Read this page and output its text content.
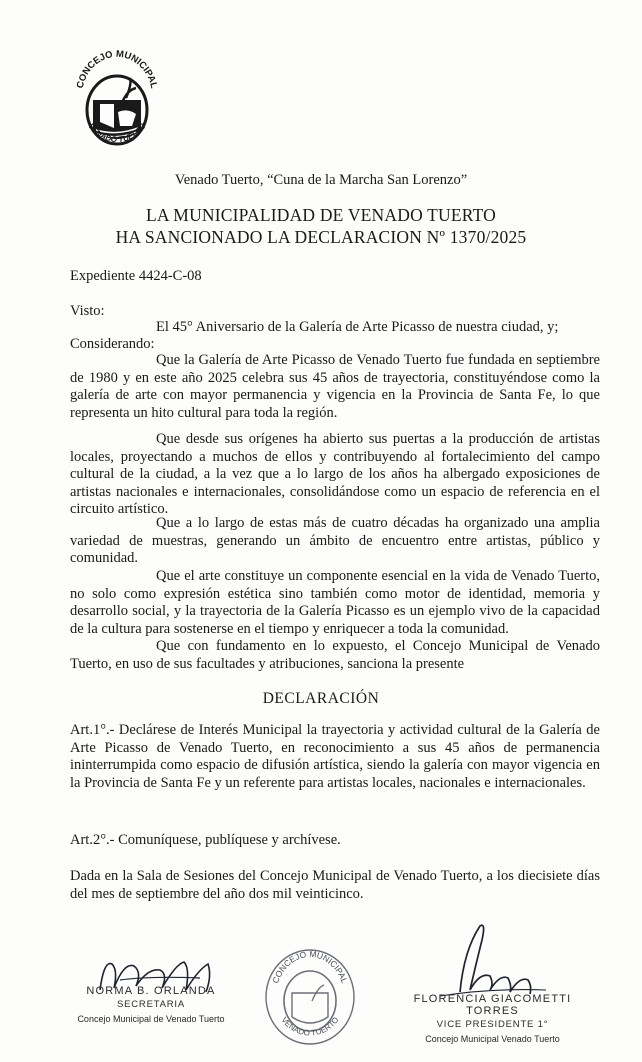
CONCEJO MUNICIPAL
VENADO TUERTO
Venado Tuerto, “Cuna de la Marcha San Lorenzo”
LA MUNICIPALIDAD DE VENADO TUERTO
HA SANCIONADO LA DECLARACION Nº 1370/2025
Expediente 4424-C-08
Visto:
El 45° Aniversario de la Galería de Arte Picasso de nuestra ciudad, y;
Considerando:

Que la Galería de Arte Picasso de Venado Tuerto fue fundada en septiembre de 1980 y en este año 2025 celebra sus 45 años de trayectoria, constituyéndose como la galería de arte con mayor permanencia y vigencia en la Provincia de Santa Fe, lo que representa un hito cultural para toda la región.

Que desde sus orígenes ha abierto sus puertas a la producción de artistas locales, proyectando a muchos de ellos y contribuyendo al fortalecimiento del campo cultural de la ciudad, a la vez que a lo largo de los años ha albergado exposiciones de artistas nacionales e internacionales, consolidándose como un espacio de referencia en el circuito artístico.

Que a lo largo de estas más de cuatro décadas ha organizado una amplia variedad de muestras, generando un ámbito de encuentro entre artistas, público y comunidad.

Que el arte constituye un componente esencial en la vida de Venado Tuerto, no solo como expresión estética sino también como motor de identidad, memoria y desarrollo social, y la trayectoria de la Galería Picasso es un ejemplo vivo de la capacidad de la cultura para sostenerse en el tiempo y enriquecer a toda la comunidad.

Que con fundamento en lo expuesto, el Concejo Municipal de Venado Tuerto, en uso de sus facultades y atribuciones, sanciona la presente

DECLARACIÓN

Art.1°.- Declárese de Interés Municipal la trayectoria y actividad cultural de la Galería de Arte Picasso de Venado Tuerto, en reconocimiento a sus 45 años de permanencia ininterrumpida como espacio de difusión artística, siendo la galería con mayor vigencia en la Provincia de Santa Fe y un referente para artistas locales, nacionales e internacionales.

Art.2°.- Comuníquese, publíquese y archívese.

Dada en la Sala de Sesiones del Concejo Municipal de Venado Tuerto, a los diecisiete días del mes de septiembre del año dos mil veinticinco.

CONCEJO MUNICIPAL
VENADO TUERTO
NORMA B. ORLANDA
SECRETARIA
Concejo Municipal de Venado Tuerto
FLORENCIA GIACOMETTI TORRES
VICE PRESIDENTE 1°
Concejo Municipal Venado Tuerto
